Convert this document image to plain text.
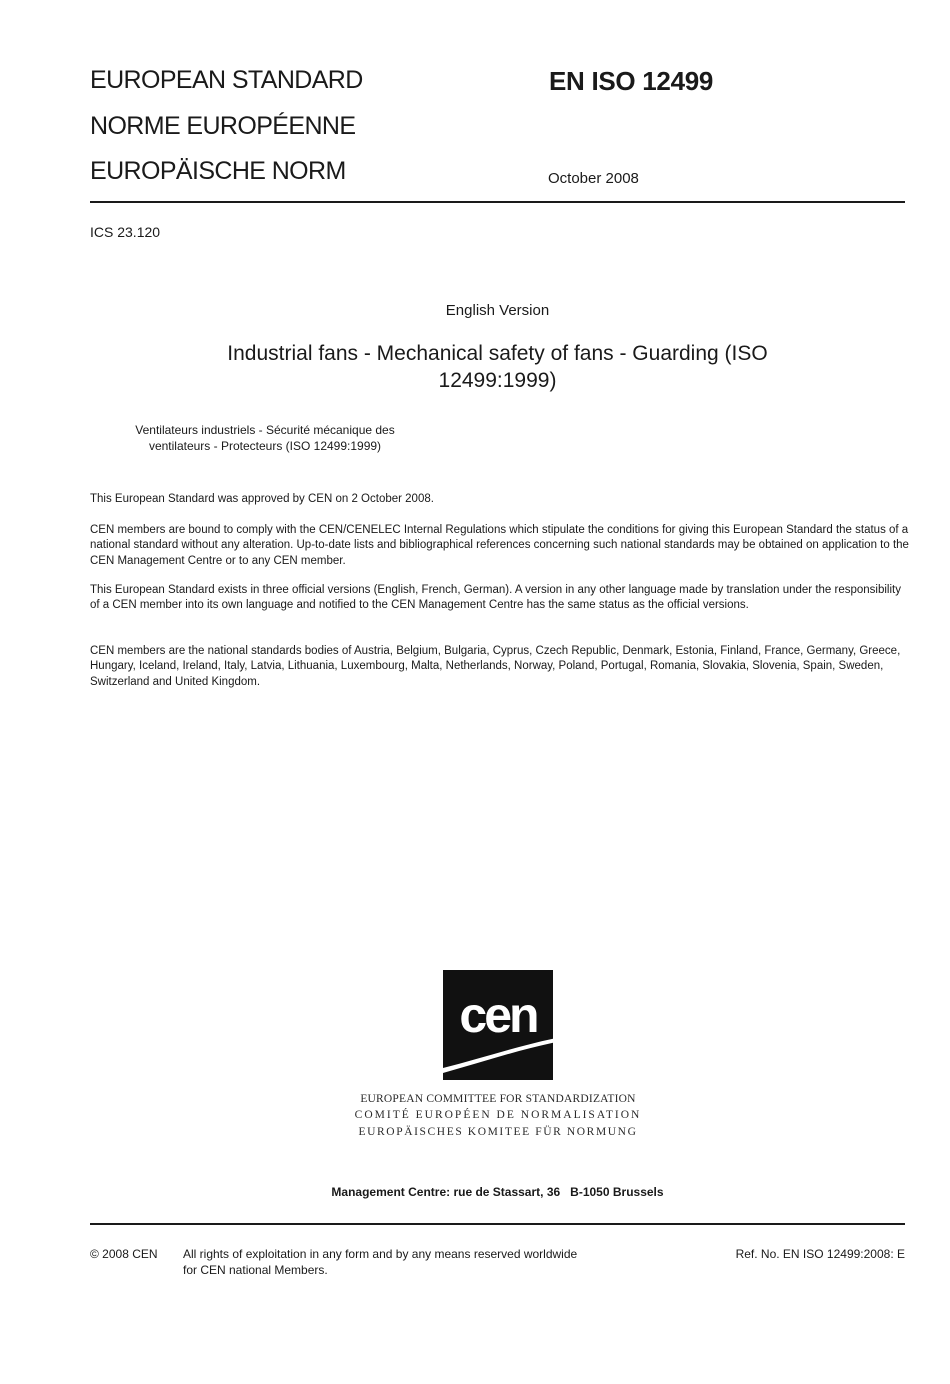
EUROPEAN STANDARD
NORME EUROPÉENNE
EUROPÄISCHE NORM
EN ISO 12499
October 2008
ICS 23.120
English Version
Industrial fans - Mechanical safety of fans - Guarding (ISO 12499:1999)
Ventilateurs industriels - Sécurité mécanique des ventilateurs - Protecteurs (ISO 12499:1999)
This European Standard was approved by CEN on 2 October 2008.
CEN members are bound to comply with the CEN/CENELEC Internal Regulations which stipulate the conditions for giving this European Standard the status of a national standard without any alteration. Up-to-date lists and bibliographical references concerning such national standards may be obtained on application to the CEN Management Centre or to any CEN member.
This European Standard exists in three official versions (English, French, German). A version in any other language made by translation under the responsibility of a CEN member into its own language and notified to the CEN Management Centre has the same status as the official versions.
CEN members are the national standards bodies of Austria, Belgium, Bulgaria, Cyprus, Czech Republic, Denmark, Estonia, Finland, France, Germany, Greece, Hungary, Iceland, Ireland, Italy, Latvia, Lithuania, Luxembourg, Malta, Netherlands, Norway, Poland, Portugal, Romania, Slovakia, Slovenia, Spain, Sweden, Switzerland and United Kingdom.
cen
EUROPEAN COMMITTEE FOR STANDARDIZATION
COMITÉ EUROPÉEN DE NORMALISATION
EUROPÄISCHES KOMITEE FÜR NORMUNG
Management Centre: rue de Stassart, 36   B-1050 Brussels
© 2008 CEN All rights of exploitation in any form and by any means reserved worldwide for CEN national Members.
Ref. No. EN ISO 12499:2008: E
